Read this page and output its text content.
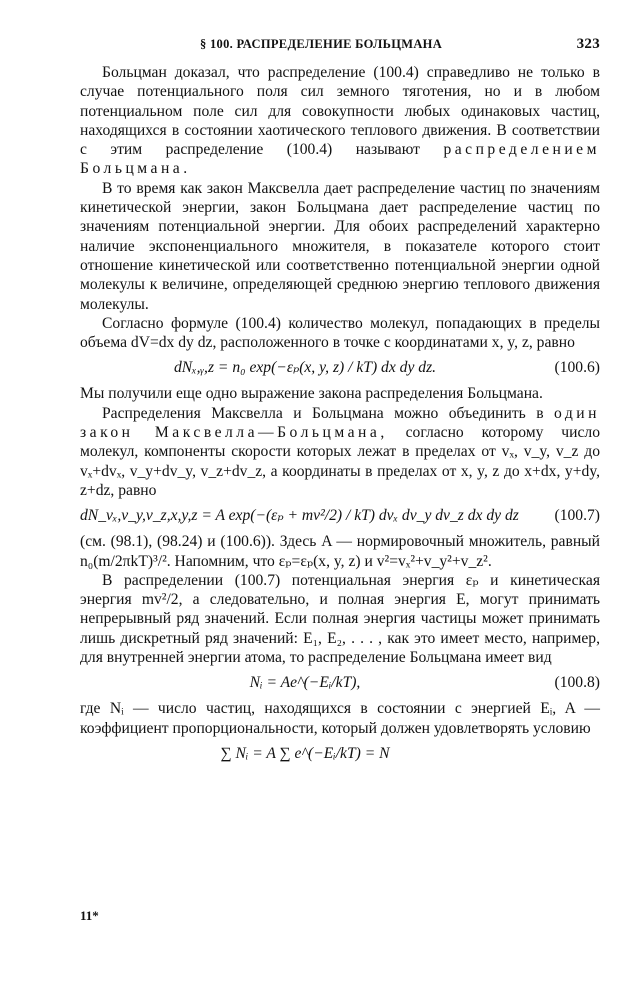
§ 100. РАСПРЕДЕЛЕНИЕ БОЛЬЦМАНА	323

Больцман доказал, что распределение (100.4) справедливо не только в случае потенциального поля сил земного тяготения, но и в любом потенциальном поле сил для совокупности любых одинаковых частиц, находящихся в состоянии хаотического теплового движения. В соответствии с этим распределение (100.4) называют распределением Больцмана.

В то время как закон Максвелла дает распределение частиц по значениям кинетической энергии, закон Больцмана дает распределение частиц по значениям потенциальной энергии. Для обоих распределений характерно наличие экспоненциального множителя, в показателе которого стоит отношение кинетической или соответственно потенциальной энергии одной молекулы к величине, определяющей среднюю энергию теплового движения молекулы.

Согласно формуле (100.4) количество молекул, попадающих в пределы объема dV=dx dy dz, расположенного в точке с координатами x, y, z, равно

dNₓ,ᵧ,z = n₀ exp(−εₚ(x, y, z) / kT) dx dy dz.	(100.6)

Мы получили еще одно выражение закона распределения Больцмана.

Распределения Максвелла и Больцмана можно объединить в один закон Максвелла—Больцмана, согласно которому число молекул, компоненты скорости которых лежат в пределах от vₓ, v_y, v_z до vₓ+dvₓ, v_y+dv_y, v_z+dv_z, а координаты в пределах от x, y, z до x+dx, y+dy, z+dz, равно

dN_vₓ,v_y,v_z,x,y,z = A exp(−(εₚ + mv²/2) / kT) dvₓ dv_y dv_z dx dy dz	(100.7)

(см. (98.1), (98.24) и (100.6)). Здесь A — нормировочный множитель, равный n₀(m/2πkT)³/². Напомним, что εₚ=εₚ(x, y, z) и v²=vₓ²+v_y²+v_z².

В распределении (100.7) потенциальная энергия εₚ и кинетическая энергия mv²/2, а следовательно, и полная энергия E, могут принимать непрерывный ряд значений. Если полная энергия частицы может принимать лишь дискретный ряд значений: E₁, E₂, . . . , как это имеет место, например, для внутренней энергии атома, то распределение Больцмана имеет вид

Nᵢ = Ae^(−Eᵢ/kT),	(100.8)

где Nᵢ — число частиц, находящихся в состоянии с энергией Eᵢ, A — коэффициент пропорциональности, который должен удовлетворять условию

∑ Nᵢ = A ∑ e^(−Eᵢ/kT) = N
11*
